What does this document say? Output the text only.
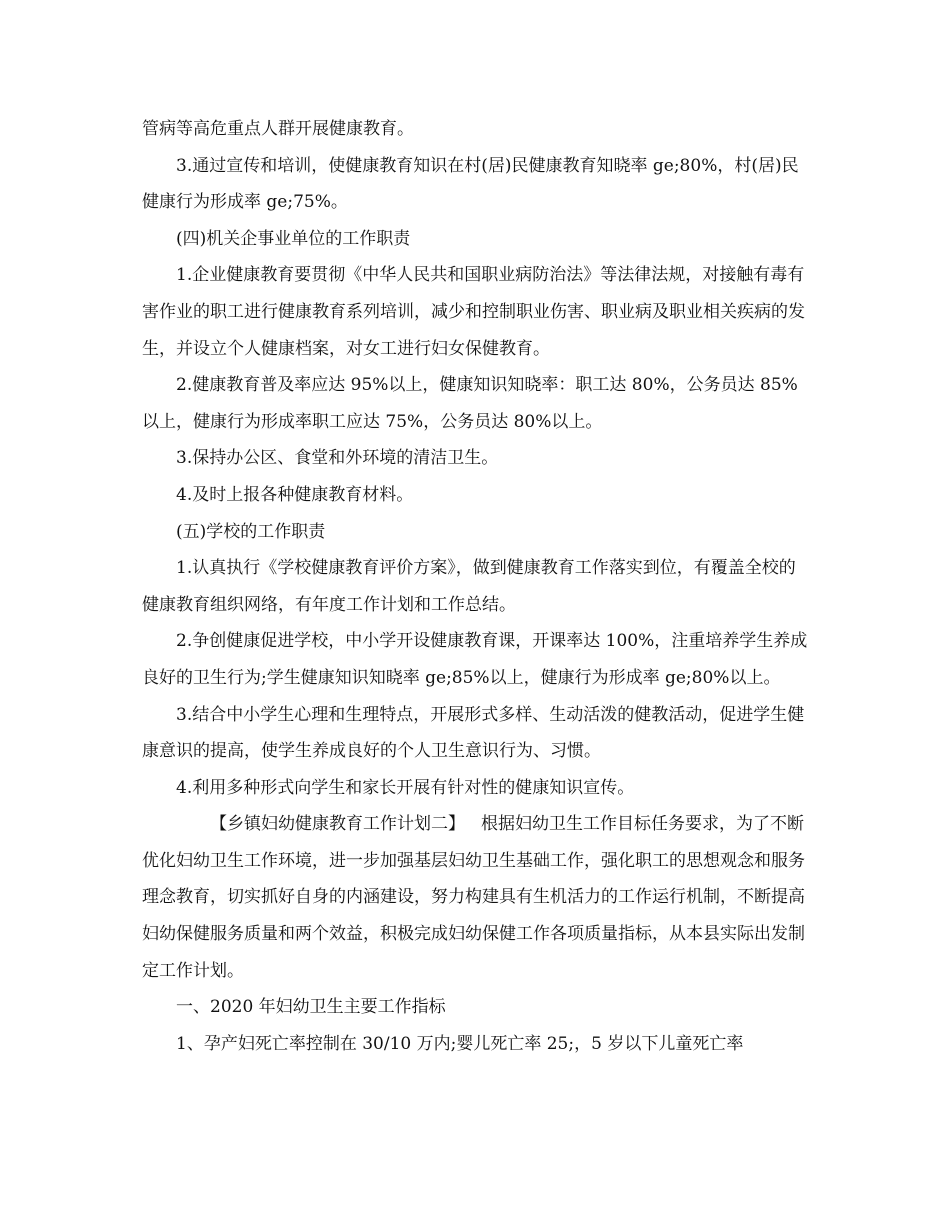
管病等高危重点人群开展健康教育。

3.通过宣传和培训，使健康教育知识在村(居)民健康教育知晓率 ge;80%，村(居)民健康行为形成率 ge;75%。

(四)机关企事业单位的工作职责

1.企业健康教育要贯彻《中华人民共和国职业病防治法》等法律法规，对接触有毒有害作业的职工进行健康教育系列培训，减少和控制职业伤害、职业病及职业相关疾病的发生，并设立个人健康档案，对女工进行妇女保健教育。

2.健康教育普及率应达 95%以上，健康知识知晓率：职工达 80%，公务员达 85%以上，健康行为形成率职工应达 75%，公务员达 80%以上。

3.保持办公区、食堂和外环境的清洁卫生。

4.及时上报各种健康教育材料。

(五)学校的工作职责

1.认真执行《学校健康教育评价方案》，做到健康教育工作落实到位，有覆盖全校的健康教育组织网络，有年度工作计划和工作总结。

2.争创健康促进学校，中小学开设健康教育课，开课率达 100%，注重培养学生养成良好的卫生行为;学生健康知识知晓率 ge;85%以上，健康行为形成率 ge;80%以上。

3.结合中小学生心理和生理特点，开展形式多样、生动活泼的健教活动，促进学生健康意识的提高，使学生养成良好的个人卫生意识行为、习惯。

4.利用多种形式向学生和家长开展有针对性的健康知识宣传。

【乡镇妇幼健康教育工作计划二】 根据妇幼卫生工作目标任务要求，为了不断优化妇幼卫生工作环境，进一步加强基层妇幼卫生基础工作，强化职工的思想观念和服务理念教育，切实抓好自身的内涵建设，努力构建具有生机活力的工作运行机制，不断提高妇幼保健服务质量和两个效益，积极完成妇幼保健工作各项质量指标，从本县实际出发制定工作计划。

一、2020 年妇幼卫生主要工作指标

1、孕产妇死亡率控制在 30/10 万内;婴儿死亡率 25;，5 岁以下儿童死亡率
